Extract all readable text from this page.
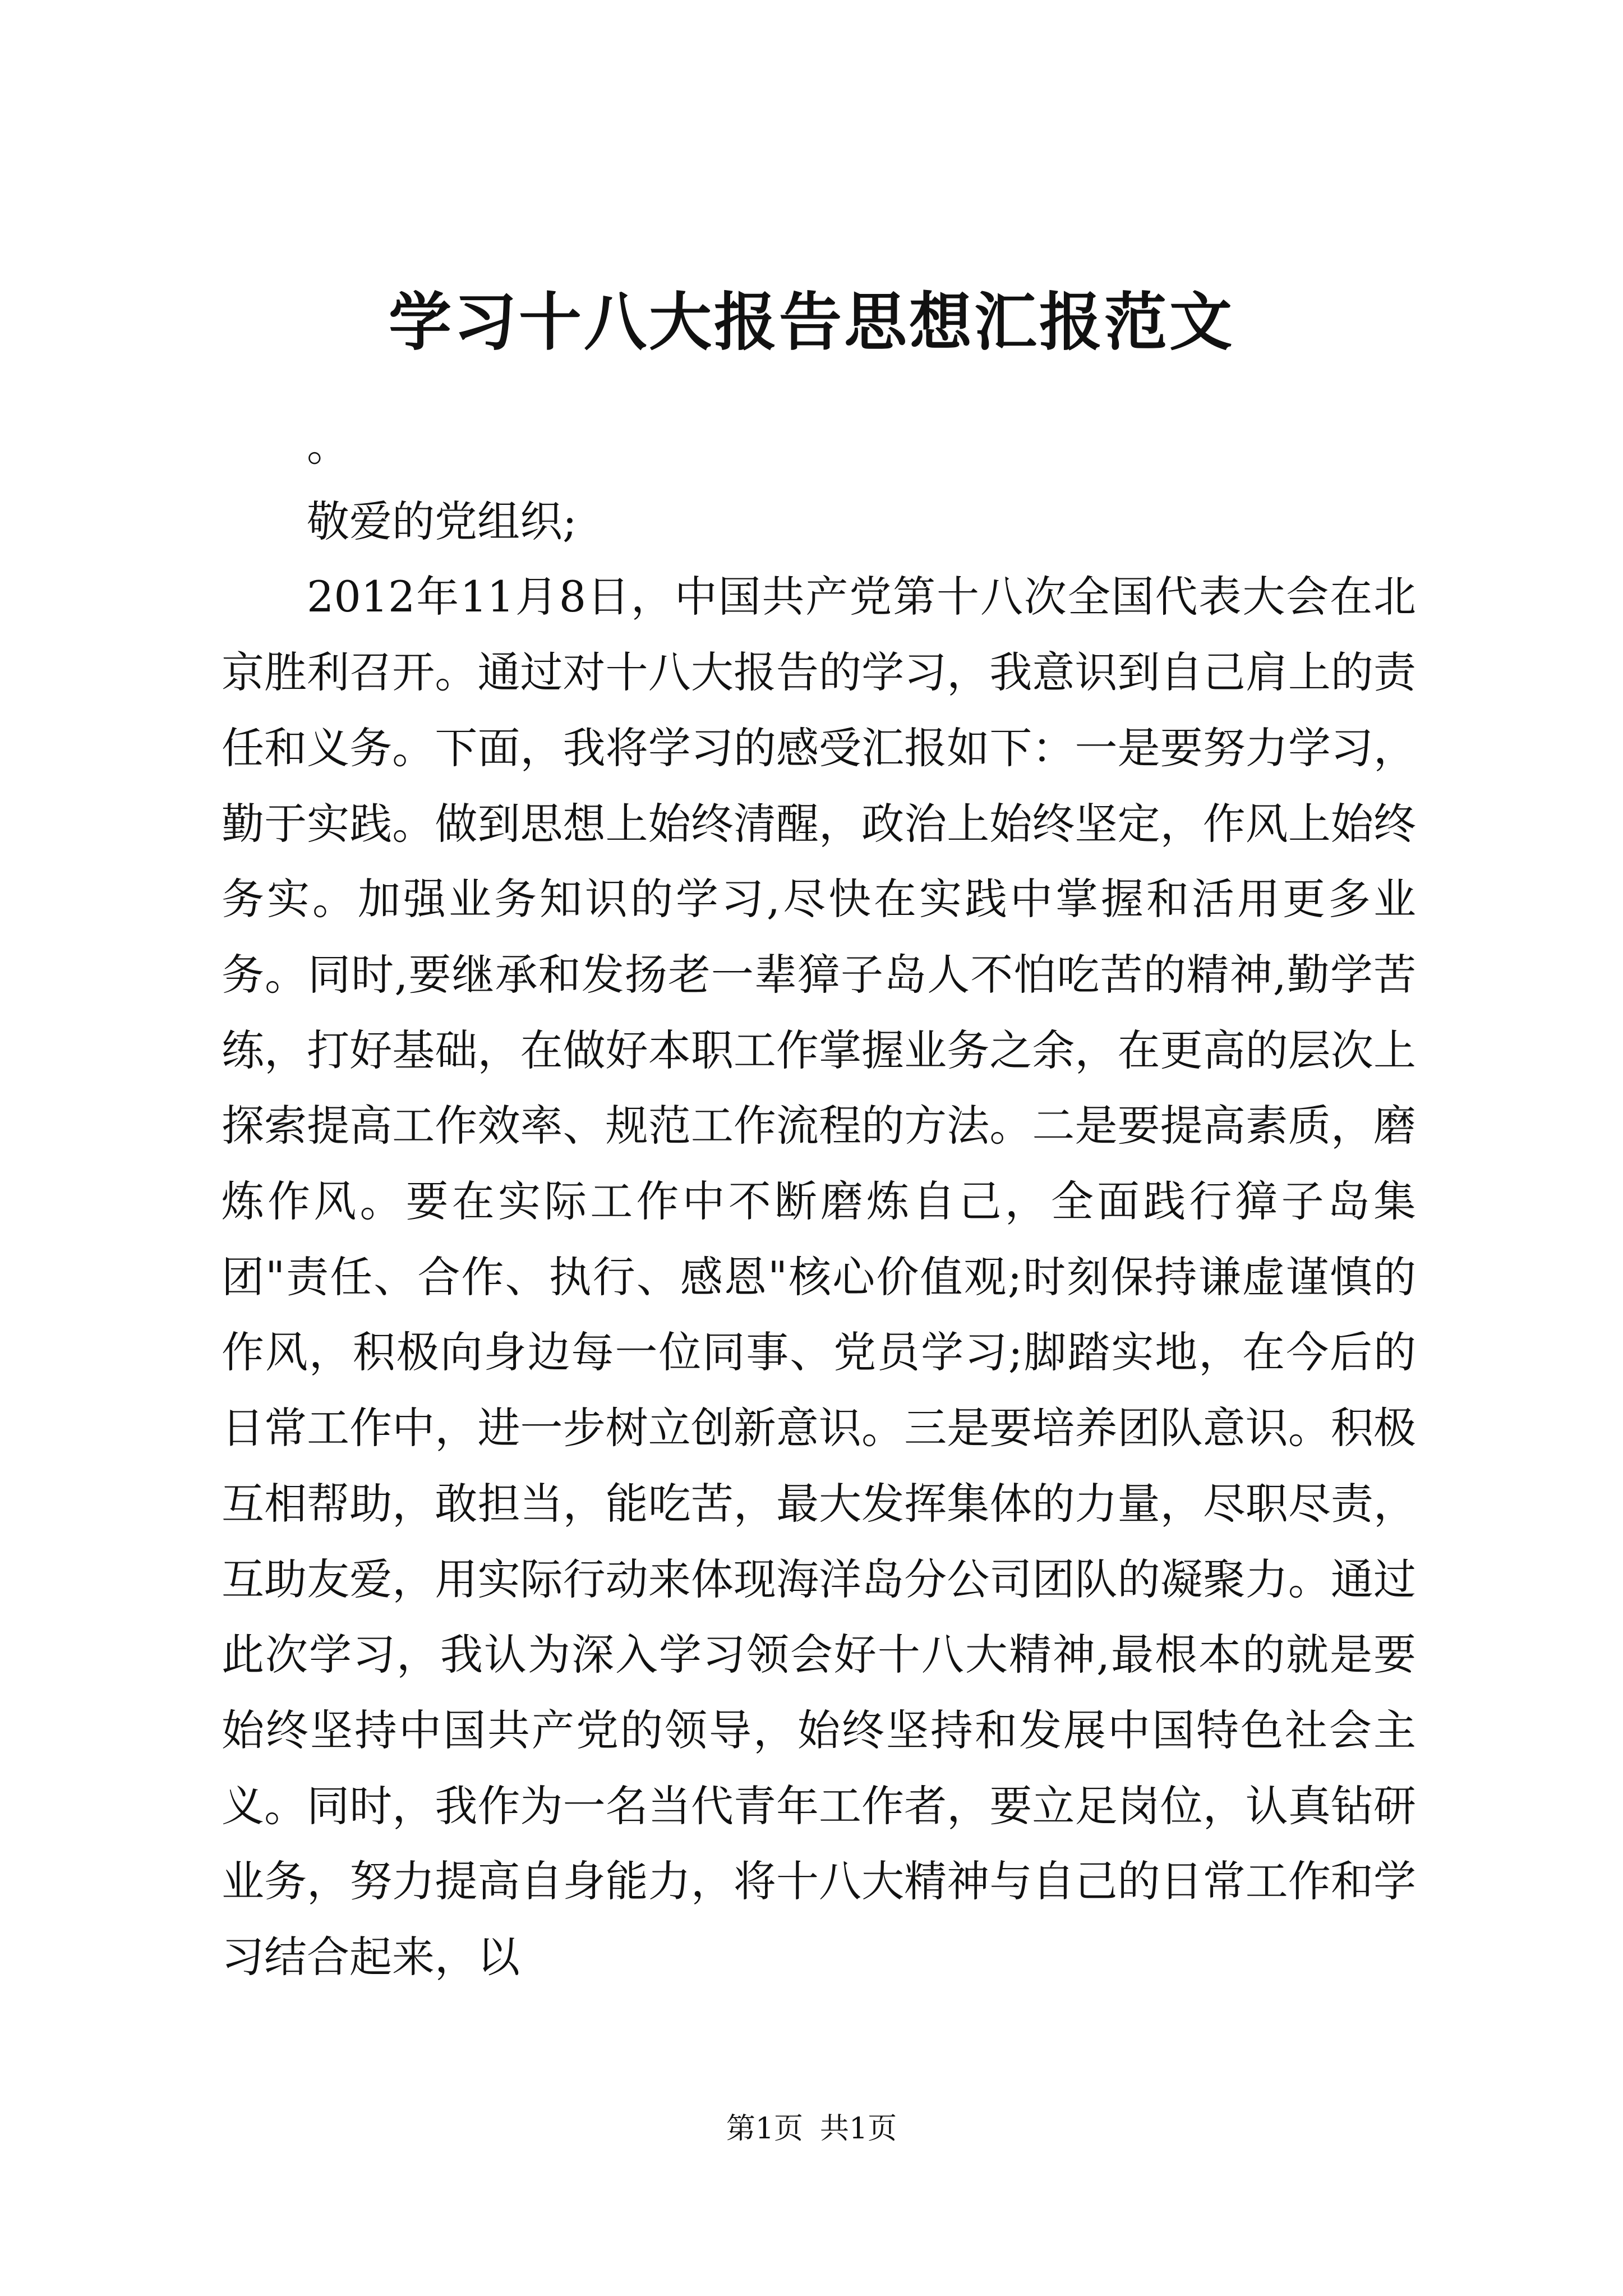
学习十八大报告思想汇报范文

。

敬爱的党组织;

2012年11月8日，中国共产党第十八次全国代表大会在北京胜利召开。通过对十八大报告的学习，我意识到自己肩上的责任和义务。下面，我将学习的感受汇报如下：一是要努力学习，勤于实践。做到思想上始终清醒，政治上始终坚定，作风上始终务实。加强业务知识的学习,尽快在实践中掌握和活用更多业务。同时,要继承和发扬老一辈獐子岛人不怕吃苦的精神,勤学苦练，打好基础，在做好本职工作掌握业务之余，在更高的层次上探索提高工作效率、规范工作流程的方法。二是要提高素质，磨炼作风。要在实际工作中不断磨炼自己，全面践行獐子岛集团"责任、合作、执行、感恩"核心价值观;时刻保持谦虚谨慎的作风，积极向身边每一位同事、党员学习;脚踏实地，在今后的日常工作中，进一步树立创新意识。三是要培养团队意识。积极互相帮助，敢担当，能吃苦，最大发挥集体的力量，尽职尽责，互助友爱，用实际行动来体现海洋岛分公司团队的凝聚力。通过此次学习，我认为深入学习领会好十八大精神,最根本的就是要始终坚持中国共产党的领导，始终坚持和发展中国特色社会主义。同时，我作为一名当代青年工作者，要立足岗位，认真钻研业务，努力提高自身能力，将十八大精神与自己的日常工作和学习结合起来，以

第1页 共1页
